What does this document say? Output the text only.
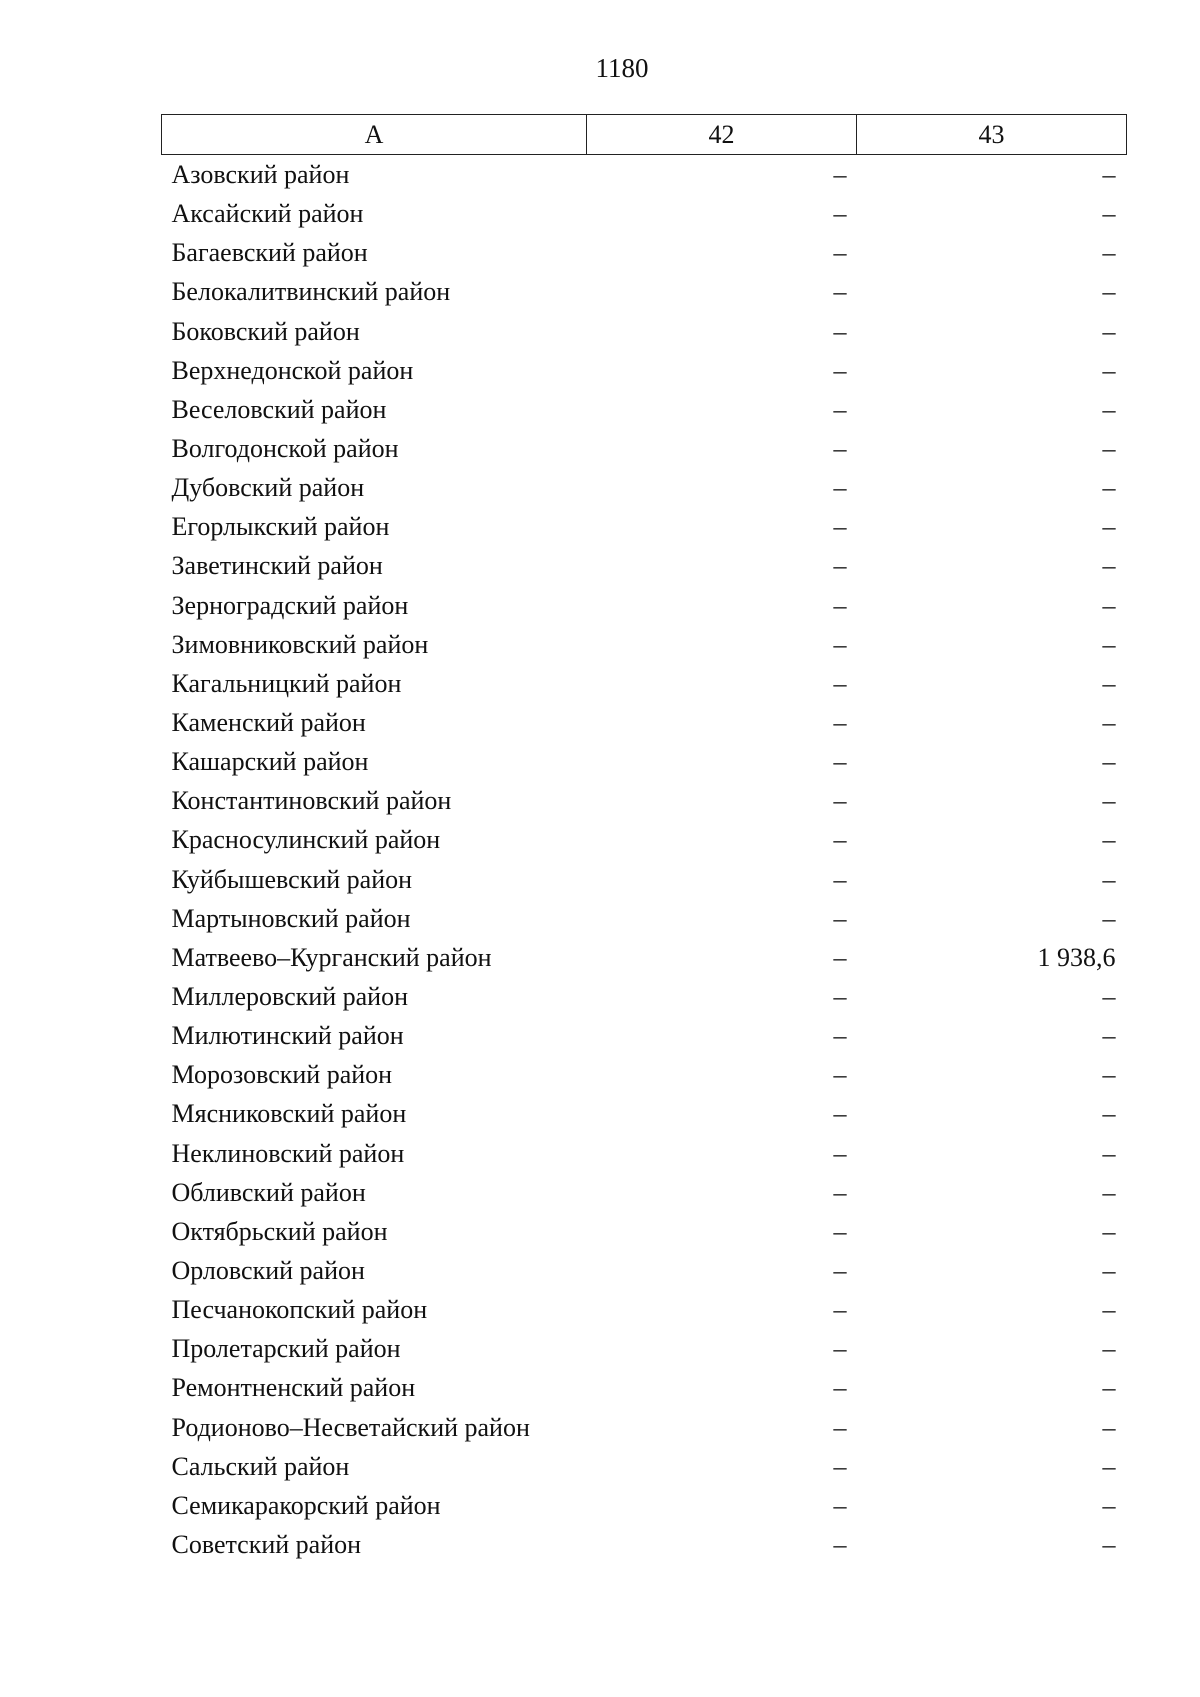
1180
А	42	43
Азовский район	–	–
Аксайский район	–	–
Багаевский район	–	–
Белокалитвинский район	–	–
Боковский район	–	–
Верхнедонской район	–	–
Веселовский район	–	–
Волгодонской район	–	–
Дубовский район	–	–
Егорлыкский район	–	–
Заветинский район	–	–
Зерноградский район	–	–
Зимовниковский район	–	–
Кагальницкий район	–	–
Каменский район	–	–
Кашарский район	–	–
Константиновский район	–	–
Красносулинский район	–	–
Куйбышевский район	–	–
Мартыновский район	–	–
Матвеево–Курганский район	–	1 938,6
Миллеровский район	–	–
Милютинский район	–	–
Морозовский район	–	–
Мясниковский район	–	–
Неклиновский район	–	–
Обливский район	–	–
Октябрьский район	–	–
Орловский район	–	–
Песчанокопский район	–	–
Пролетарский район	–	–
Ремонтненский район	–	–
Родионово–Несветайский район	–	–
Сальский район	–	–
Семикаракорский район	–	–
Советский район	–	–
